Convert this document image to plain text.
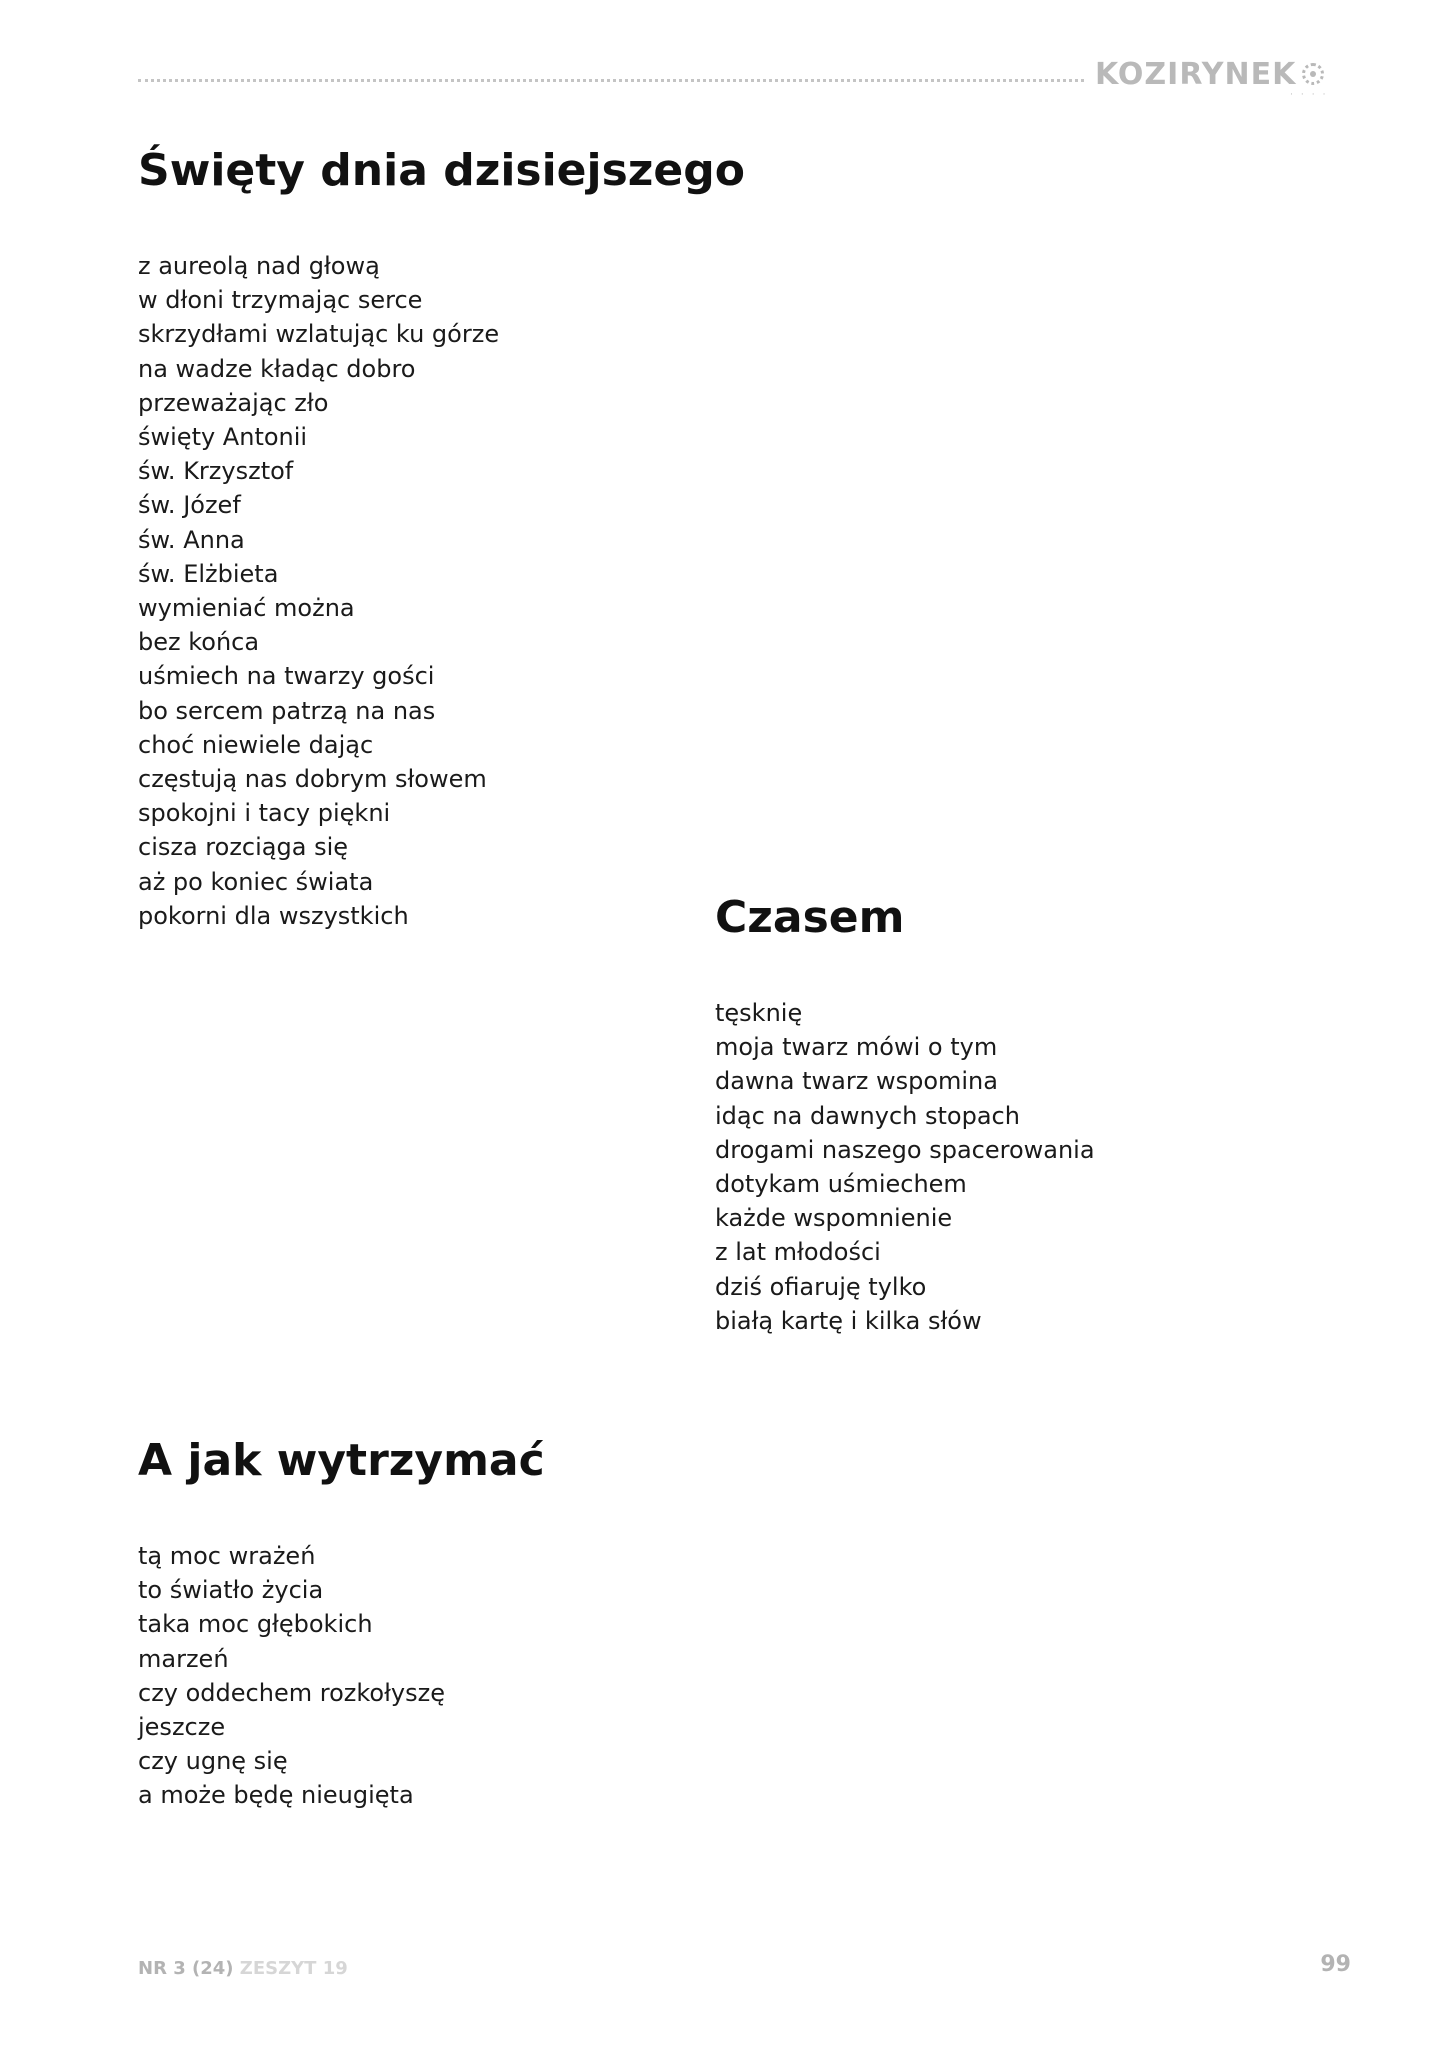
KOZIRYNEK
····
Święty dnia dzisiejszego
z aureolą nad głową
w dłoni trzymając serce
skrzydłami wzlatując ku górze
na wadze kładąc dobro
przeważając zło
święty Antonii
św. Krzysztof
św. Józef
św. Anna
św. Elżbieta
wymieniać można
bez końca
uśmiech na twarzy gości
bo sercem patrzą na nas
choć niewiele dając
częstują nas dobrym słowem
spokojni i tacy piękni
cisza rozciąga się
aż po koniec świata
pokorni dla wszystkich	Czasem
tęsknię
moja twarz mówi o tym
dawna twarz wspomina
idąc na dawnych stopach
drogami naszego spacerowania
dotykam uśmiechem
każde wspomnienie
z lat młodości
dziś ofiaruję tylko
białą kartę i kilka słów
A jak wytrzymać
tą moc wrażeń
to światło życia
taka moc głębokich
marzeń
czy oddechem rozkołyszę
jeszcze
czy ugnę się
a może będę nieugięta
NR 3 (24) ZESZYT 19	99
